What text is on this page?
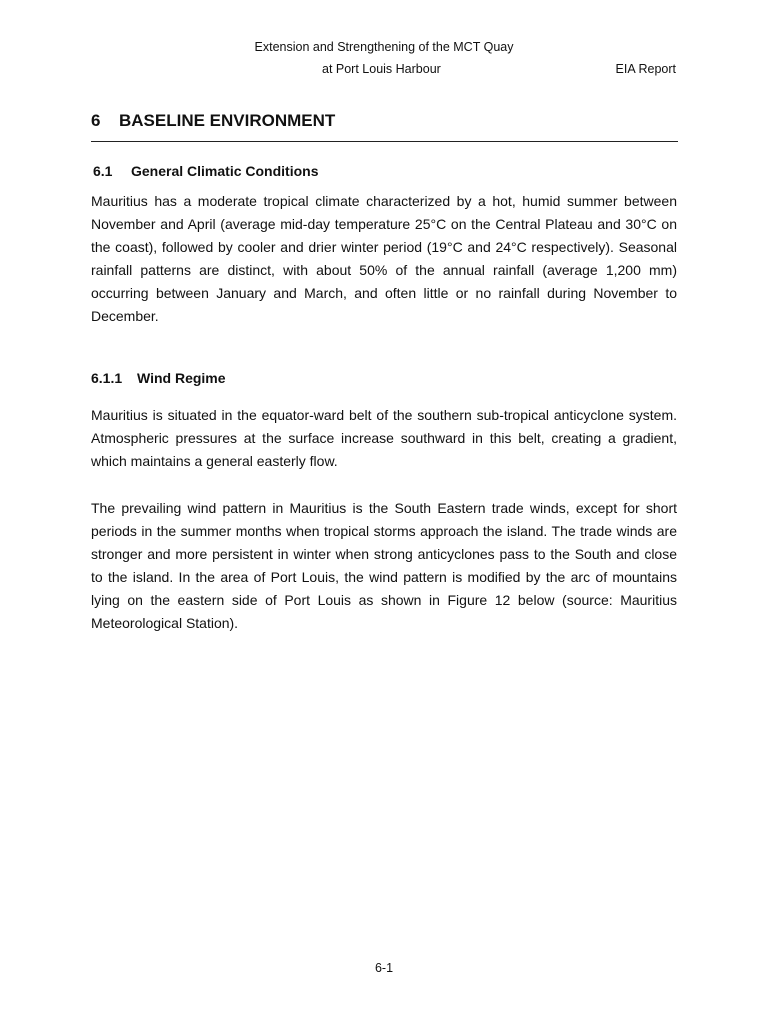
Extension and Strengthening of the MCT Quay
at Port Louis Harbour	EIA Report
6 BASELINE ENVIRONMENT
6.1 General Climatic Conditions

Mauritius has a moderate tropical climate characterized by a hot, humid summer between November and April (average mid-day temperature 25°C on the Central Plateau and 30°C on the coast), followed by cooler and drier winter period (19°C and 24°C respectively). Seasonal rainfall patterns are distinct, with about 50% of the annual rainfall (average 1,200 mm) occurring between January and March, and often little or no rainfall during November to December.

6.1.1 Wind Regime

Mauritius is situated in the equator-ward belt of the southern sub-tropical anticyclone system. Atmospheric pressures at the surface increase southward in this belt, creating a gradient, which maintains a general easterly flow.

The prevailing wind pattern in Mauritius is the South Eastern trade winds, except for short periods in the summer months when tropical storms approach the island. The trade winds are stronger and more persistent in winter when strong anticyclones pass to the South and close to the island. In the area of Port Louis, the wind pattern is modified by the arc of mountains lying on the eastern side of Port Louis as shown in Figure 12 below (source: Mauritius Meteorological Station).

6-1
